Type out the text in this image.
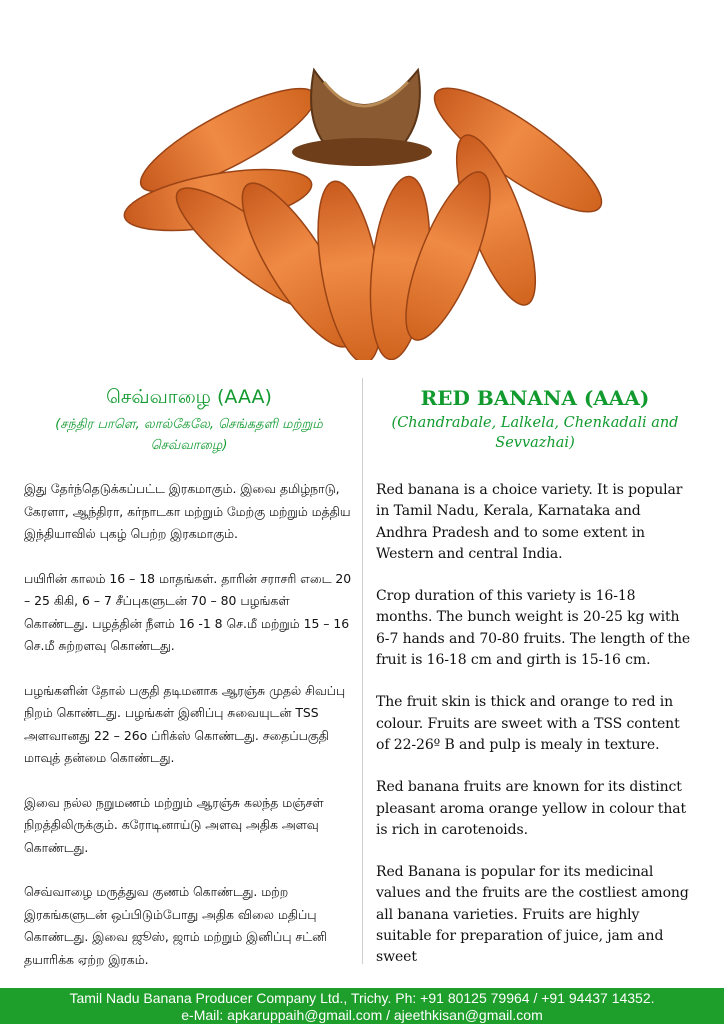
செவ்வாழை (AAA)

(சந்திர பாளெ, லால்கேலே, செங்கதளி மற்றும் செவ்வாழை)

இது தேர்ந்தெடுக்கப்பட்ட இரகமாகும். இவை தமிழ்நாடு, கேரளா, ஆந்திரா, கர்நாடகா மற்றும் மேற்கு மற்றும் மத்திய இந்தியாவில் புகழ் பெற்ற இரகமாகும்.

பயிரின் காலம் 16 – 18 மாதங்கள். தாரின் சராசரி எடை 20 – 25 கிகி, 6 – 7 சீப்புகளுடன் 70 – 80 பழங்கள் கொண்டது. பழத்தின் நீளம் 16 -1 8 செ.மீ மற்றும் 15 – 16 செ.மீ சுற்றளவு கொண்டது.

பழங்களின் தோல் பகுதி தடிமனாக ஆரஞ்சு முதல் சிவப்பு நிறம் கொண்டது. பழங்கள் இனிப்பு சுவையுடன் TSS அளவானது 22 – 26o ப்ரிக்ஸ் கொண்டது. சதைப்பகுதி மாவுத் தன்மை கொண்டது.

இவை நல்ல நறுமணம் மற்றும் ஆரஞ்சு கலந்த மஞ்சள் நிறத்திலிருக்கும். கரோடினாய்டு அளவு அதிக அளவு கொண்டது.

செவ்வாழை மருத்துவ குணம் கொண்டது. மற்ற இரகங்களுடன் ஒப்பிடும்போது அதிக விலை மதிப்பு கொண்டது. இவை ஜூஸ், ஜாம் மற்றும் இனிப்பு சட்னி தயாரிக்க ஏற்ற இரகம்.

RED BANANA (AAA)

(Chandrabale, Lalkela, Chenkadali and Sevvazhai)

Red banana is a choice variety. It is popular in Tamil Nadu, Kerala, Karnataka and Andhra Pradesh and to some extent in Western and central India.

Crop duration of this variety is 16-18 months. The bunch weight is 20-25 kg with 6-7 hands and 70-80 fruits. The length of the fruit is 16-18 cm and girth is 15-16 cm.

The fruit skin is thick and orange to red in colour. Fruits are sweet with a TSS content of 22-26º B and pulp is mealy in texture.

Red banana fruits are known for its distinct pleasant aroma orange yellow in colour that is rich in carotenoids.

Red Banana is popular for its medicinal values and the fruits are the costliest among all banana varieties. Fruits are highly suitable for preparation of juice, jam and sweet

Tamil Nadu Banana Producer Company Ltd., Trichy. Ph: +91 80125 79964 / +91 94437 14352.
e-Mail: apkaruppaih@gmail.com / ajeethkisan@gmail.com
